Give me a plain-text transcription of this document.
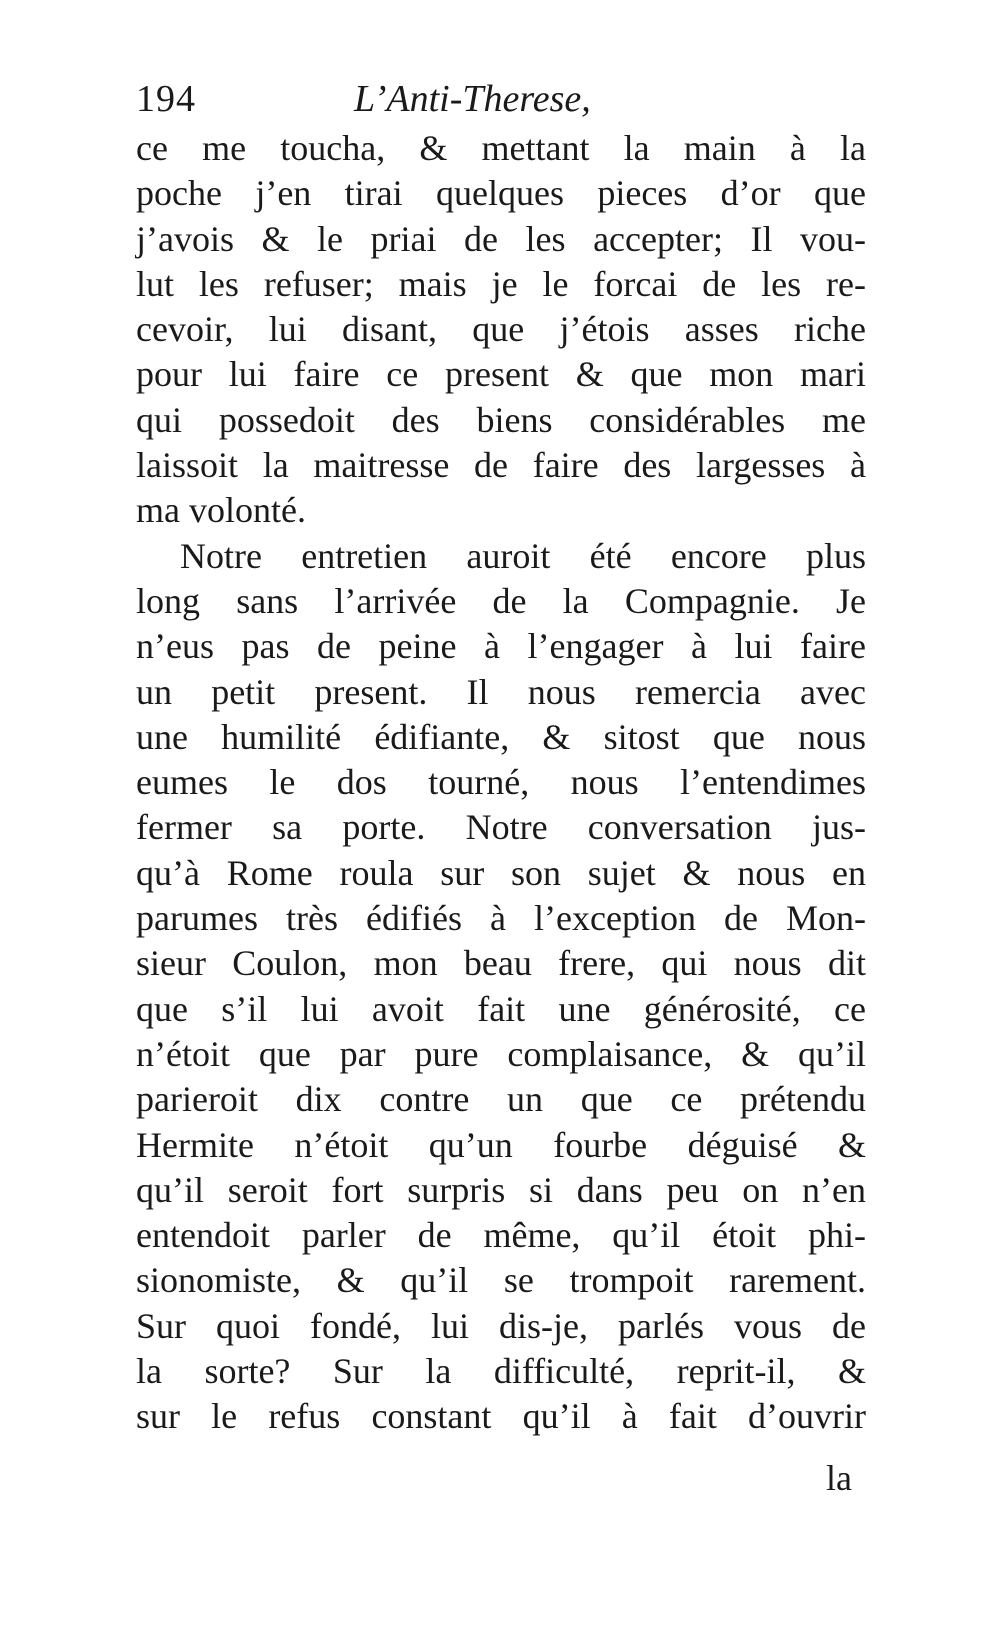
194	L’Anti-Therese,
ce me toucha, & mettant la main à la
poche j’en tirai quelques pieces d’or que
j’avois & le priai de les accepter; Il vou-
lut les refuser; mais je le forcai de les re-
cevoir, lui disant, que j’étois asses riche
pour lui faire ce present & que mon mari
qui possedoit des biens considérables me
laissoit la maitresse de faire des largesses à
ma volonté.
Notre entretien auroit été encore plus
long sans l’arrivée de la Compagnie. Je
n’eus pas de peine à l’engager à lui faire
un petit present. Il nous remercia avec
une humilité édifiante, & sitost que nous
eumes le dos tourné, nous l’entendimes
fermer sa porte. Notre conversation jus-
qu’à Rome roula sur son sujet & nous en
parumes très édifiés à l’exception de Mon-
sieur Coulon, mon beau frere, qui nous dit
que s’il lui avoit fait une générosité, ce
n’étoit que par pure complaisance, & qu’il
parieroit dix contre un que ce prétendu
Hermite n’étoit qu’un fourbe déguisé &
qu’il seroit fort surpris si dans peu on n’en
entendoit parler de même, qu’il étoit phi-
sionomiste, & qu’il se trompoit rarement.
Sur quoi fondé, lui dis-je, parlés vous de
la sorte? Sur la difficulté, reprit-il, &
sur le refus constant qu’il à fait d’ouvrir
la
